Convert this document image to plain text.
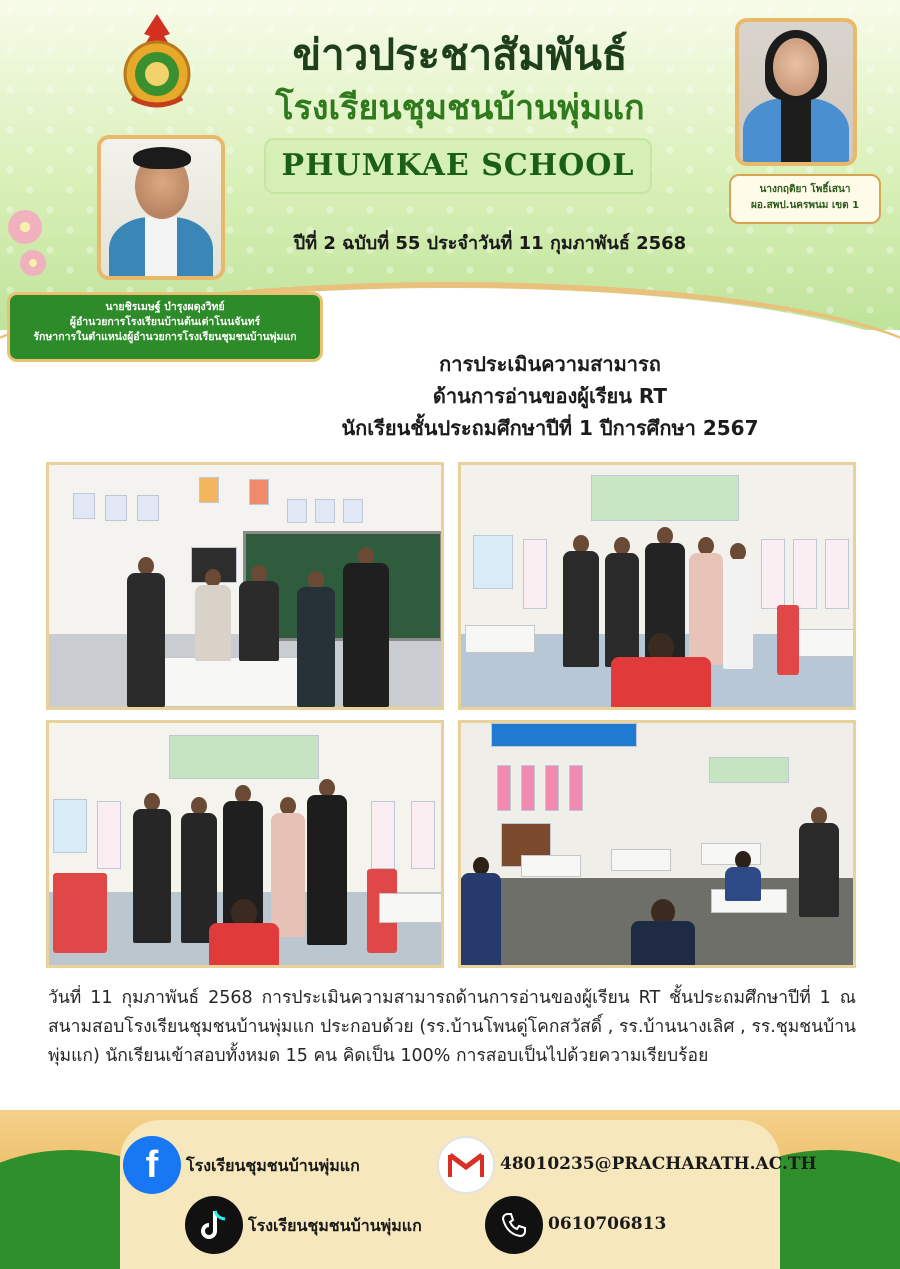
ข่าวประชาสัมพันธ์
โรงเรียนชุมชนบ้านพุ่มแก
PHUMKAE SCHOOL
ปีที่ 2 ฉบับที่ 55 ประจำวันที่ 11 กุมภาพันธ์ 2568
นายชิรเมษฐ์ บำรุงผดุงวิทย์
ผู้อำนวยการโรงเรียนบ้านต้นเต่าโนนจันทร์
รักษาการในตำแหน่งผู้อำนวยการโรงเรียนชุมชนบ้านพุ่มแก
นางกฤติยา โพธิ์เสนา
ผอ.สพป.นครพนม เขต 1
การประเมินความสามารถ
ด้านการอ่านของผู้เรียน RT
นักเรียนชั้นประถมศึกษาปีที่ 1 ปีการศึกษา 2567
วันที่ 11 กุมภาพันธ์ 2568 การประเมินความสามารถด้านการอ่านของผู้เรียน RT ชั้นประถมศึกษาปีที่ 1 ณ สนามสอบโรงเรียนชุมชนบ้านพุ่มแก ประกอบด้วย (รร.บ้านโพนดู่โคกสวัสดิ์ , รร.บ้านนางเลิศ , รร.ชุมชนบ้านพุ่มแก) นักเรียนเข้าสอบทั้งหมด 15 คน คิดเป็น 100% การสอบเป็นไปด้วยความเรียบร้อย
f	โรงเรียนชุมชนบ้านพุ่มแก	48010235@PRACHARATH.AC.TH
โรงเรียนชุมชนบ้านพุ่มแก	0610706813
